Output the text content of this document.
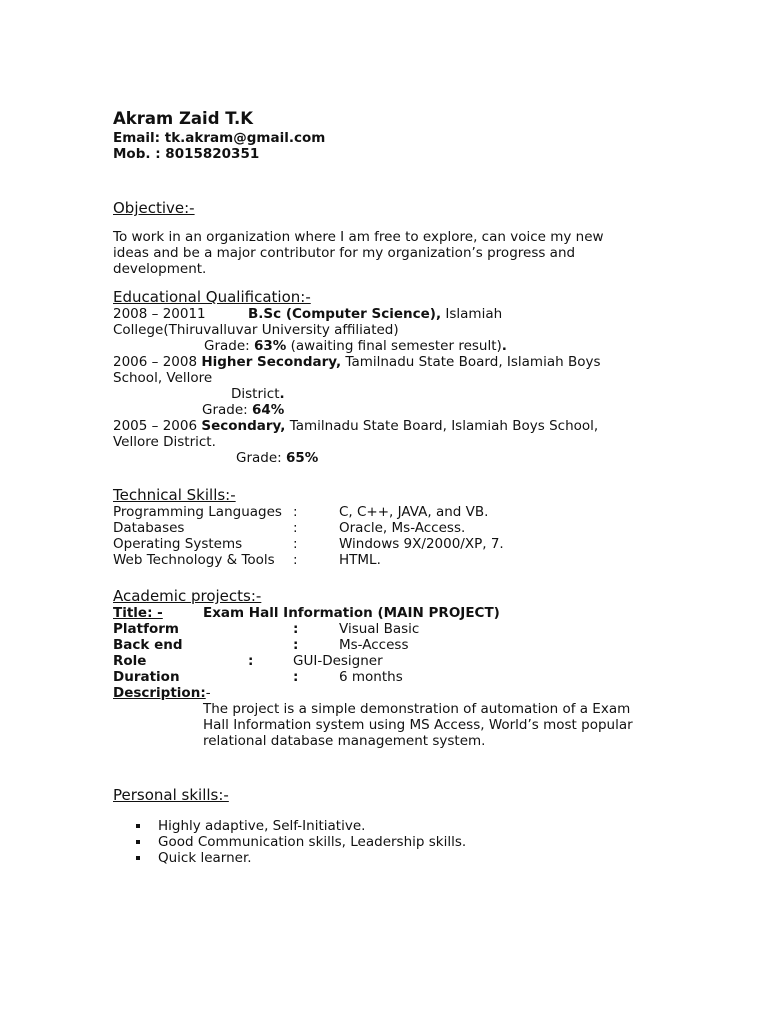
Akram Zaid T.K

Email: tk.akram@gmail.com

Mob. : 8015820351

Objective:-
To work in an organization where I am free to explore, can voice my new
ideas and be a major contributor for my organization’s progress and
development.
Educational Qualification:-
2008 – 20011	B.Sc (Computer Science), Islamiah
College(Thiruvalluvar University affiliated)
Grade: 63% (awaiting final semester result).
2006 – 2008 Higher Secondary, Tamilnadu State Board, Islamiah Boys
School, Vellore
District.
Grade: 64%
2005 – 2006 Secondary, Tamilnadu State Board, Islamiah Boys School,
Vellore District.
Grade: 65%
Technical Skills:-
Programming Languages :	C, C++, JAVA, and VB.
Databases	:	Oracle, Ms-Access.
Operating Systems	:	Windows 9X/2000/XP, 7.
Web Technology & Tools :	HTML.
Academic projects:-
Title: -	Exam Hall Information (MAIN PROJECT)
Platform	:	Visual Basic
Back end	:	Ms-Access
Role	:	GUI-Designer
Duration	:	6 months
Description:-
The project is a simple demonstration of automation of a Exam
Hall Information system using MS Access, World’s most popular
relational database management system.
Personal skills:-
Highly adaptive, Self-Initiative.
Good Communication skills, Leadership skills.
Quick learner.
